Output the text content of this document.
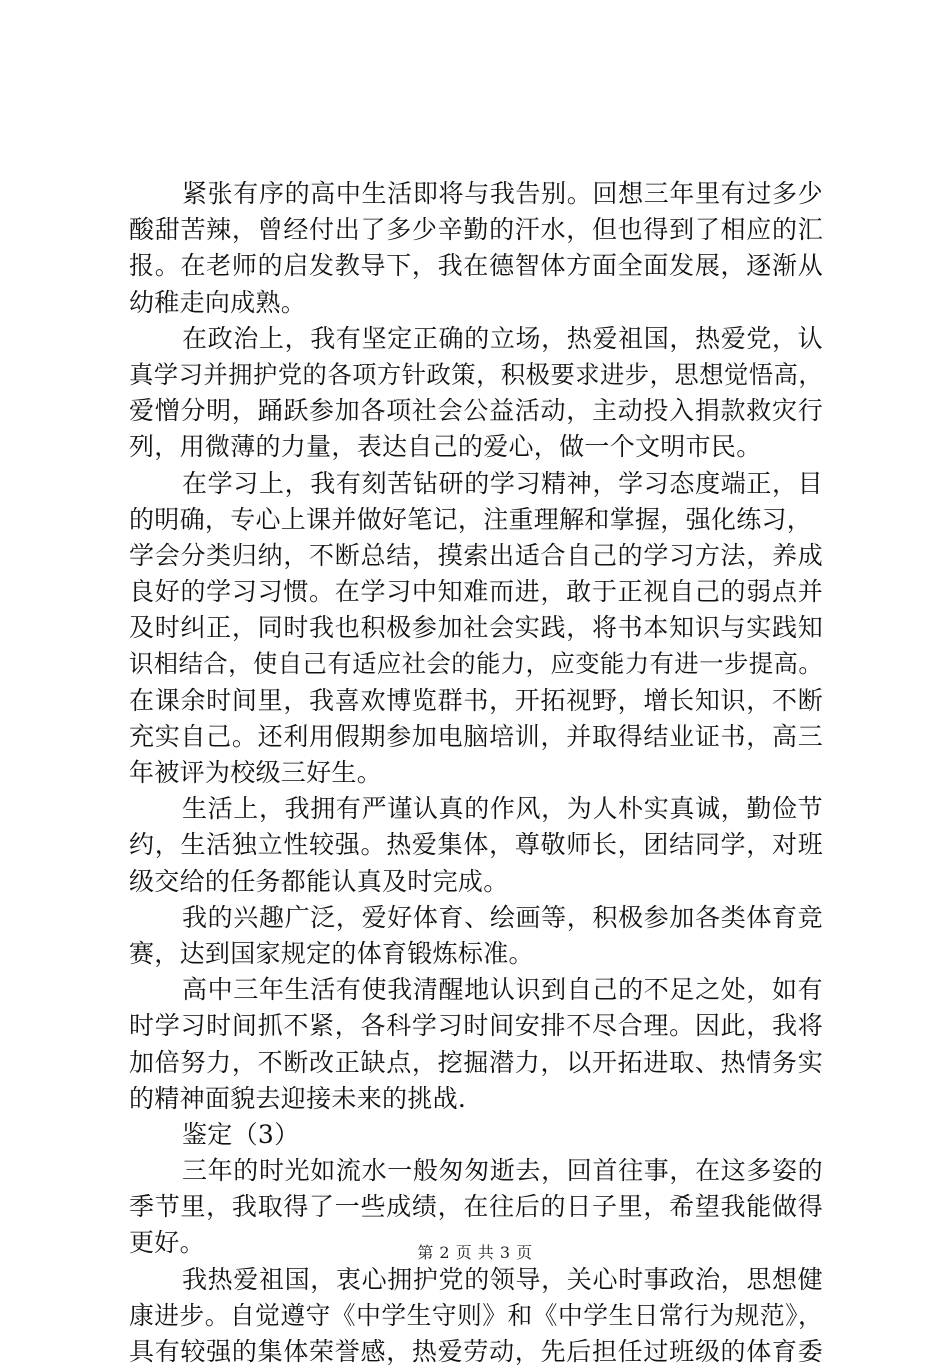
紧张有序的高中生活即将与我告别。回想三年里有过多少
酸甜苦辣，曾经付出了多少辛勤的汗水，但也得到了相应的汇
报。在老师的启发教导下，我在德智体方面全面发展，逐渐从
幼稚走向成熟。
在政治上，我有坚定正确的立场，热爱祖国，热爱党，认
真学习并拥护党的各项方针政策，积极要求进步，思想觉悟高，
爱憎分明，踊跃参加各项社会公益活动，主动投入捐款救灾行
列，用微薄的力量，表达自己的爱心，做一个文明市民。
在学习上，我有刻苦钻研的学习精神，学习态度端正，目
的明确，专心上课并做好笔记，注重理解和掌握，强化练习，
学会分类归纳，不断总结，摸索出适合自己的学习方法，养成
良好的学习习惯。在学习中知难而进，敢于正视自己的弱点并
及时纠正，同时我也积极参加社会实践，将书本知识与实践知
识相结合，使自己有适应社会的能力，应变能力有进一步提高。
在课余时间里，我喜欢博览群书，开拓视野，增长知识，不断
充实自己。还利用假期参加电脑培训，并取得结业证书，高三
年被评为校级三好生。
生活上，我拥有严谨认真的作风，为人朴实真诚，勤俭节
约，生活独立性较强。热爱集体，尊敬师长，团结同学，对班
级交给的任务都能认真及时完成。
我的兴趣广泛，爱好体育、绘画等，积极参加各类体育竞
赛，达到国家规定的体育锻炼标准。
高中三年生活有使我清醒地认识到自己的不足之处，如有
时学习时间抓不紧，各科学习时间安排不尽合理。因此，我将
加倍努力，不断改正缺点，挖掘潜力，以开拓进取、热情务实
的精神面貌去迎接未来的挑战.
鉴定（3）
三年的时光如流水一般匆匆逝去，回首往事，在这多姿的
季节里，我取得了一些成绩，在往后的日子里，希望我能做得
更好。
我热爱祖国，衷心拥护党的领导，关心时事政治，思想健
康进步。自觉遵守《中学生守则》和《中学生日常行为规范》，
具有较强的集体荣誉感，热爱劳动，先后担任过班级的体育委
第 2 页 共 3 页
